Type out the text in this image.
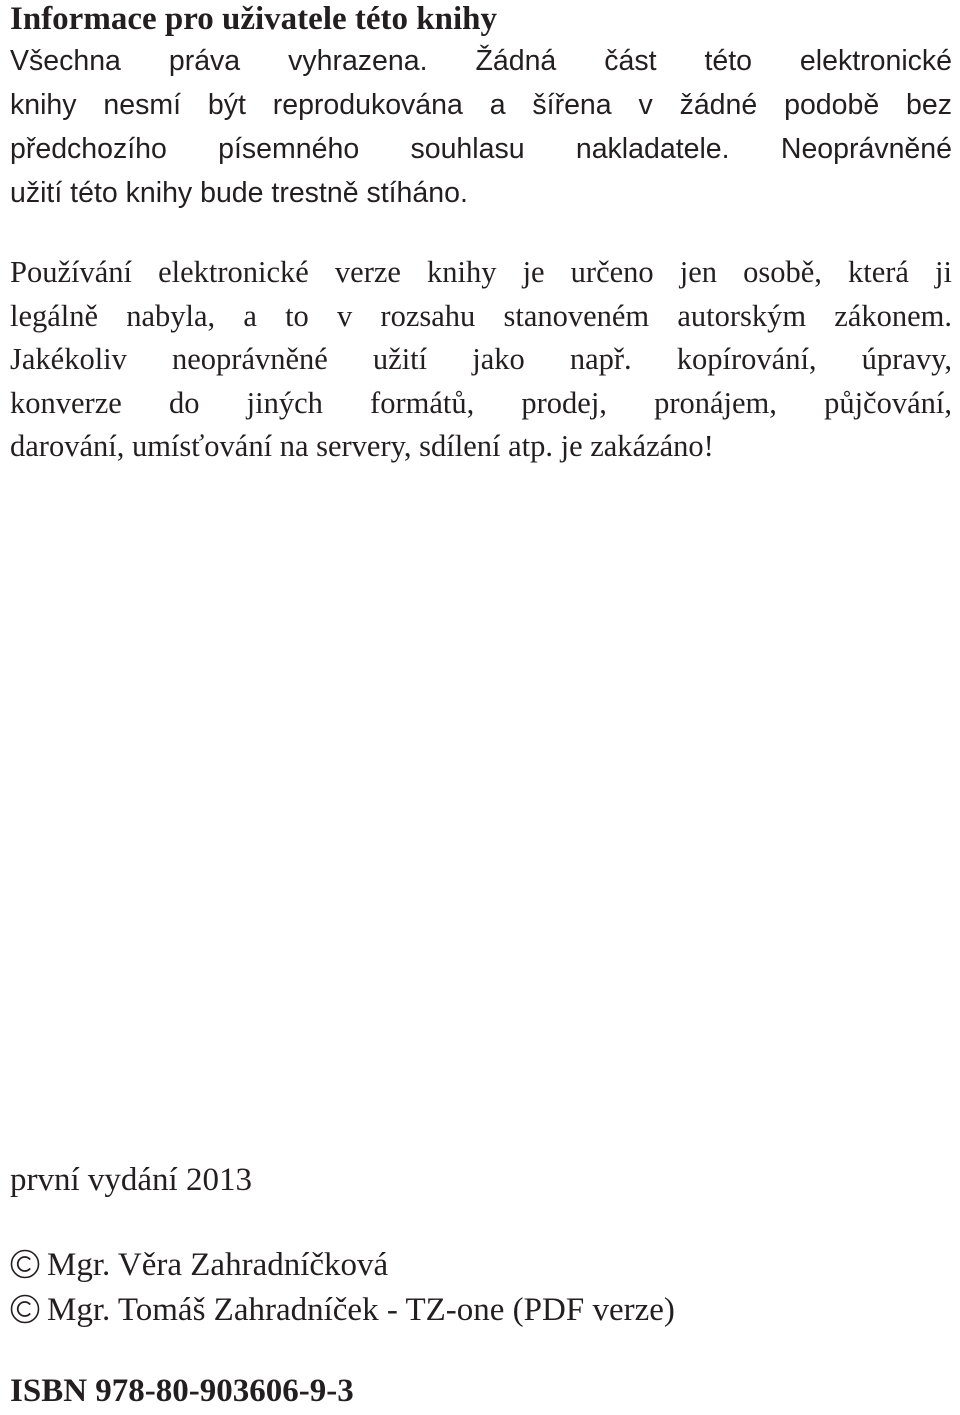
Informace pro uživatele této knihy
Všechna práva vyhrazena. Žádná část této elektronické
knihy nesmí být reprodukována a šířena v žádné podobě bez
předchozího písemného souhlasu nakladatele. Neoprávněné
užití této knihy bude trestně stíháno.
Používání elektronické verze knihy je určeno jen osobě, která ji
legálně nabyla, a to v rozsahu stanoveném autorským zákonem.
Jakékoliv neoprávněné užití jako např. kopírování, úpravy,
konverze do jiných formátů, prodej, pronájem, půjčování,
darování, umísťování na servery, sdílení atp. je zakázáno!
první vydání 2013
Mgr. Věra Zahradníčková
Mgr. Tomáš Zahradníček - TZ-one (PDF verze)
ISBN 978-80-903606-9-3
